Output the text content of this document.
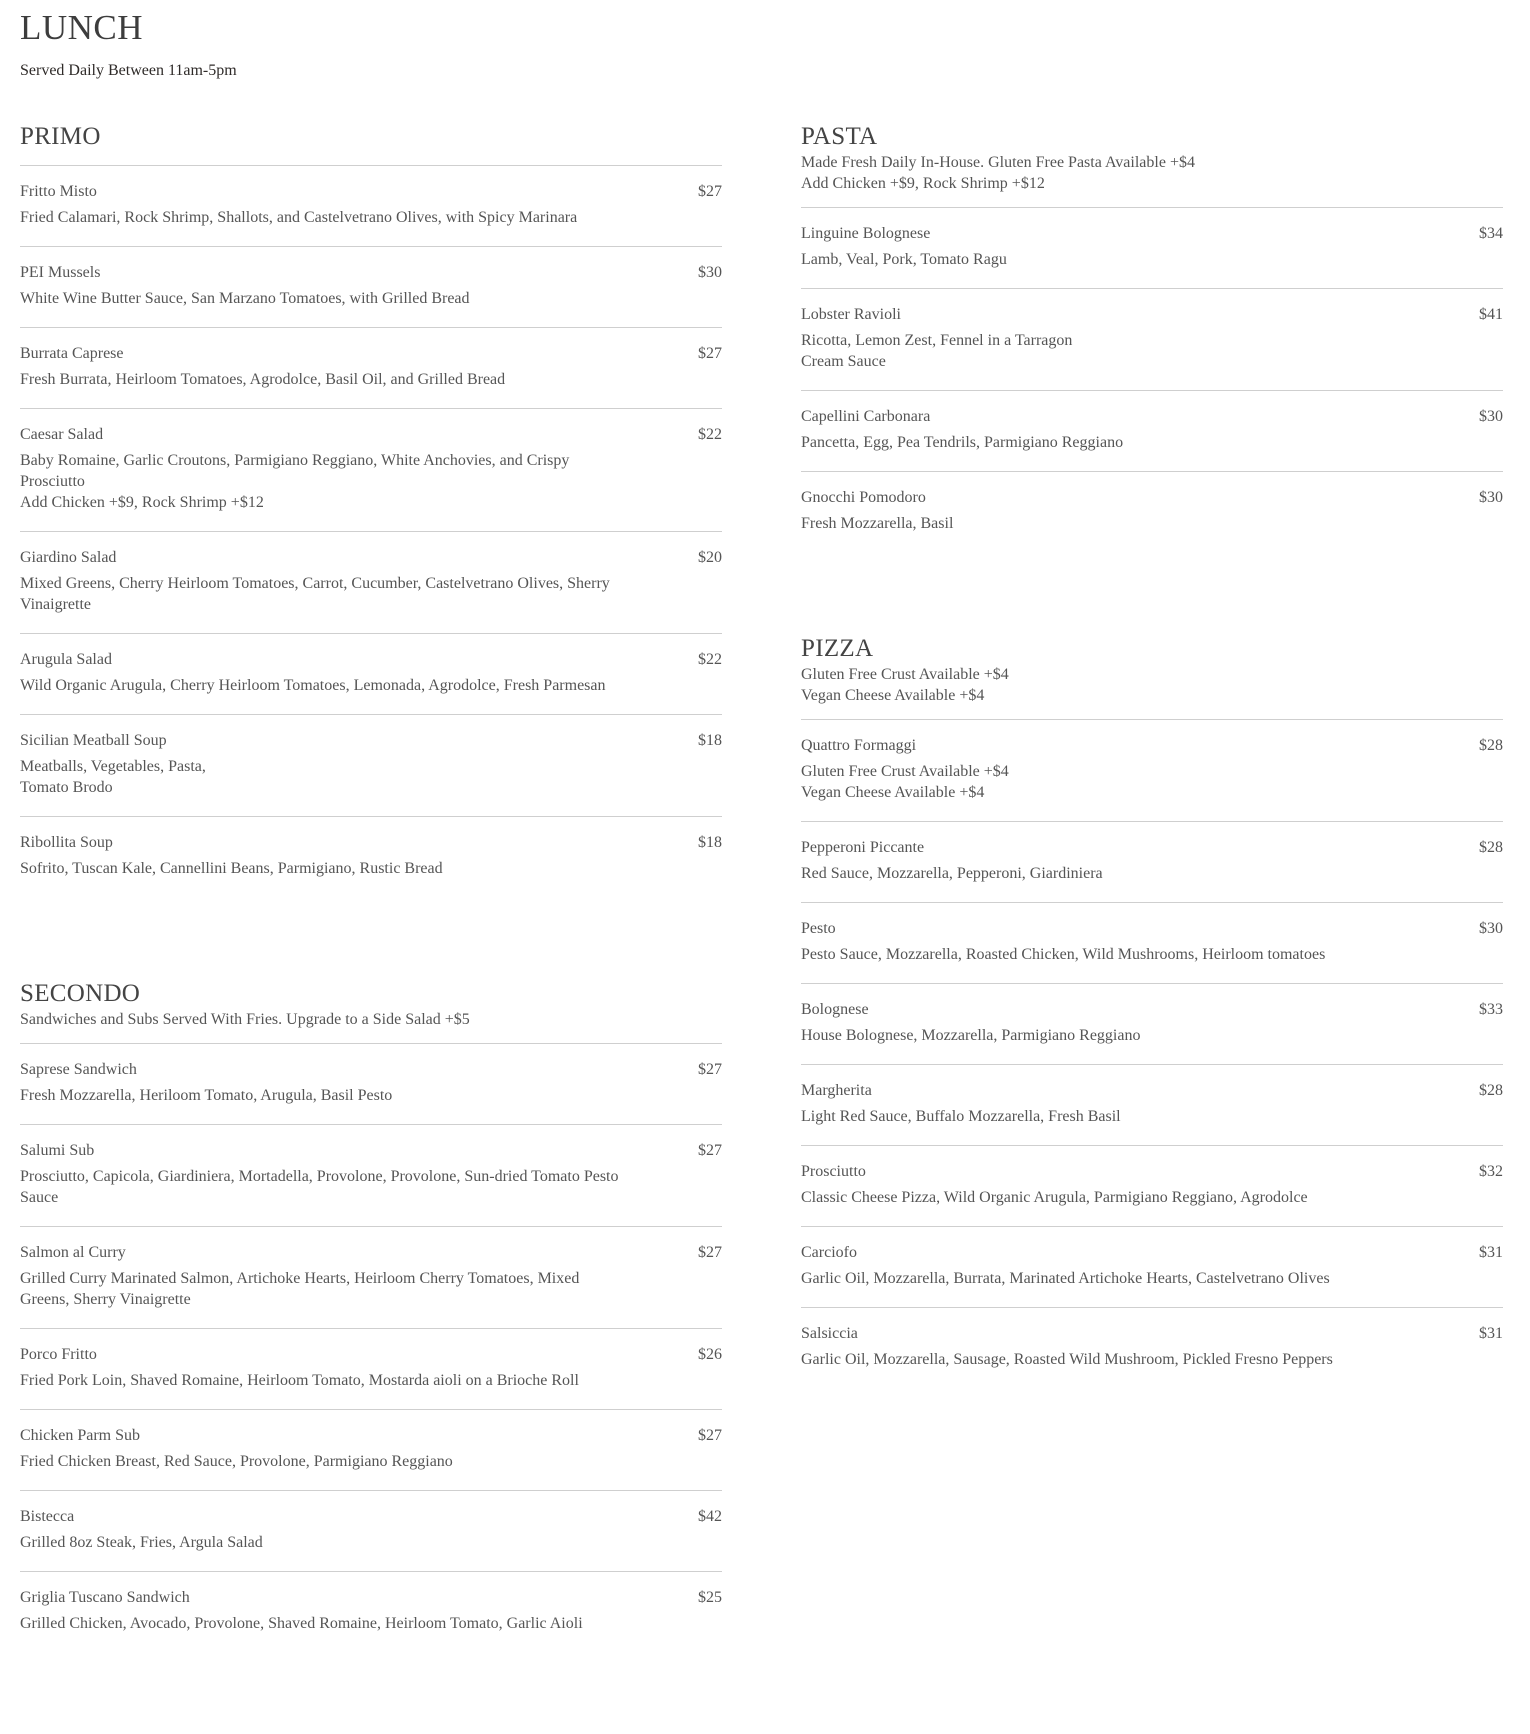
LUNCH
Served Daily Between 11am-5pm
PRIMO
Fritto Misto	$27
Fried Calamari, Rock Shrimp, Shallots, and Castelvetrano Olives, with Spicy Marinara
PEI Mussels	$30
White Wine Butter Sauce, San Marzano Tomatoes, with Grilled Bread
Burrata Caprese	$27
Fresh Burrata, Heirloom Tomatoes, Agrodolce, Basil Oil, and Grilled Bread
Caesar Salad	$22
Baby Romaine, Garlic Croutons, Parmigiano Reggiano, White Anchovies, and Crispy
Prosciutto
Add Chicken +$9, Rock Shrimp +$12
Giardino Salad	$20
Mixed Greens, Cherry Heirloom Tomatoes, Carrot, Cucumber, Castelvetrano Olives, Sherry
Vinaigrette
Arugula Salad	$22
Wild Organic Arugula, Cherry Heirloom Tomatoes, Lemonada, Agrodolce, Fresh Parmesan
Sicilian Meatball Soup	$18
Meatballs, Vegetables, Pasta,
Tomato Brodo
Ribollita Soup	$18
Sofrito, Tuscan Kale, Cannellini Beans, Parmigiano, Rustic Bread
SECONDO
Sandwiches and Subs Served With Fries. Upgrade to a Side Salad +$5
Saprese Sandwich	$27
Fresh Mozzarella, Heriloom Tomato, Arugula, Basil Pesto
Salumi Sub	$27
Prosciutto, Capicola, Giardiniera, Mortadella, Provolone, Provolone, Sun-dried Tomato Pesto
Sauce
Salmon al Curry	$27
Grilled Curry Marinated Salmon, Artichoke Hearts, Heirloom Cherry Tomatoes, Mixed
Greens, Sherry Vinaigrette
Porco Fritto	$26
Fried Pork Loin, Shaved Romaine, Heirloom Tomato, Mostarda aioli on a Brioche Roll
Chicken Parm Sub	$27
Fried Chicken Breast, Red Sauce, Provolone, Parmigiano Reggiano
Bistecca	$42
Grilled 8oz Steak, Fries, Argula Salad
Griglia Tuscano Sandwich	$25
Grilled Chicken, Avocado, Provolone, Shaved Romaine, Heirloom Tomato, Garlic Aioli
PASTA
Made Fresh Daily In-House. Gluten Free Pasta Available +$4
Add Chicken +$9, Rock Shrimp +$12
Linguine Bolognese	$34
Lamb, Veal, Pork, Tomato Ragu
Lobster Ravioli	$41
Ricotta, Lemon Zest, Fennel in a Tarragon
Cream Sauce
Capellini Carbonara	$30
Pancetta, Egg, Pea Tendrils, Parmigiano Reggiano
Gnocchi Pomodoro	$30
Fresh Mozzarella, Basil
PIZZA
Gluten Free Crust Available +$4
Vegan Cheese Available +$4
Quattro Formaggi	$28
Gluten Free Crust Available +$4
Vegan Cheese Available +$4
Pepperoni Piccante	$28
Red Sauce, Mozzarella, Pepperoni, Giardiniera
Pesto	$30
Pesto Sauce, Mozzarella, Roasted Chicken, Wild Mushrooms, Heirloom tomatoes
Bolognese	$33
House Bolognese, Mozzarella, Parmigiano Reggiano
Margherita	$28
Light Red Sauce, Buffalo Mozzarella, Fresh Basil
Prosciutto	$32
Classic Cheese Pizza, Wild Organic Arugula, Parmigiano Reggiano, Agrodolce
Carciofo	$31
Garlic Oil, Mozzarella, Burrata, Marinated Artichoke Hearts, Castelvetrano Olives
Salsiccia	$31
Garlic Oil, Mozzarella, Sausage, Roasted Wild Mushroom, Pickled Fresno Peppers
